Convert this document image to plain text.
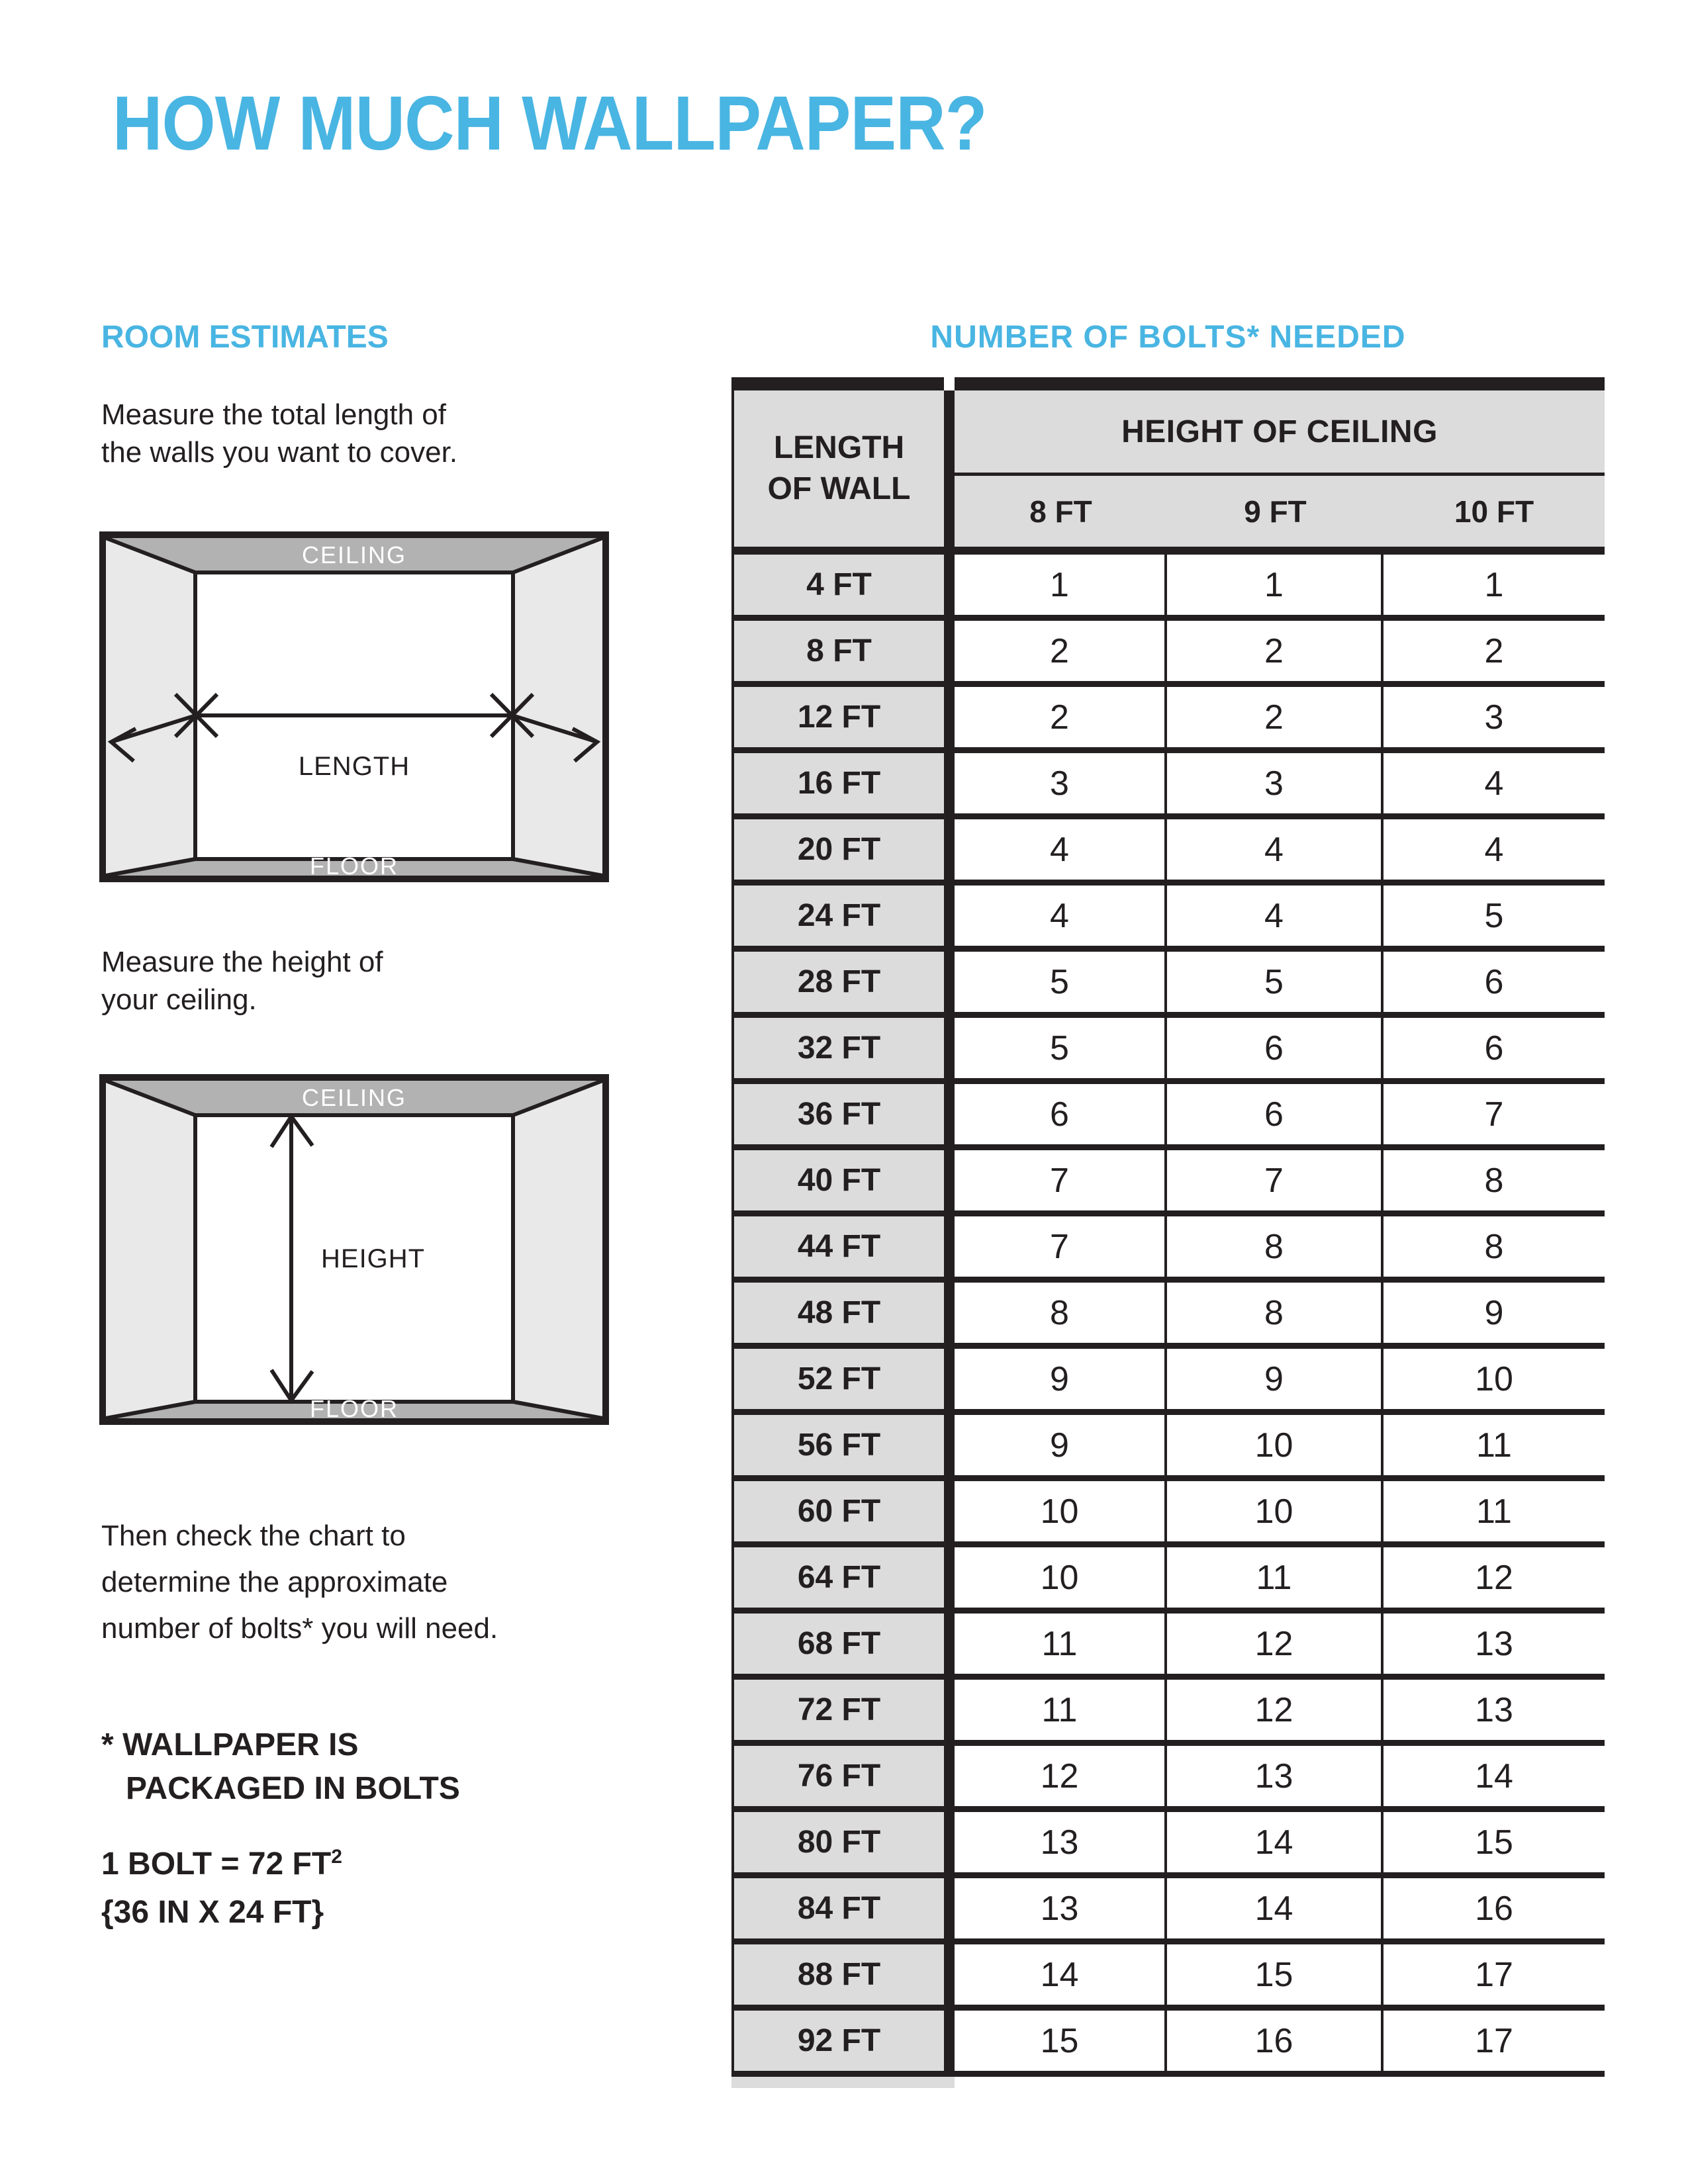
HOW MUCH WALLPAPER?
ROOM ESTIMATES
Measure the total length of
the walls you want to cover.
CEILING
FLOOR
LENGTH
Measure the height of
your ceiling.
CEILING
FLOOR
HEIGHT
Then check the chart to
determine the approximate
number of bolts* you will need.
* WALLPAPER IS
PACKAGED IN BOLTS
1 BOLT = 72 $FT^2$
{36 IN X 24 FT}
NUMBER OF BOLTS* NEEDED
LENGTH
OF WALL
HEIGHT OF CEILING
8 FT	9 FT	10 FT
4 FT	1	1	1
8 FT	2	2	2
12 FT	2	2	3
16 FT	3	3	4
20 FT	4	4	4
24 FT	4	4	5
28 FT	5	5	6
32 FT	5	6	6
36 FT	6	6	7
40 FT	7	7	8
44 FT	7	8	8
48 FT	8	8	9
52 FT	9	9	10
56 FT	9	10	11
60 FT	10	10	11
64 FT	10	11	12
68 FT	11	12	13
72 FT	11	12	13
76 FT	12	13	14
80 FT	13	14	15
84 FT	13	14	16
88 FT	14	15	17
92 FT	15	16	17
